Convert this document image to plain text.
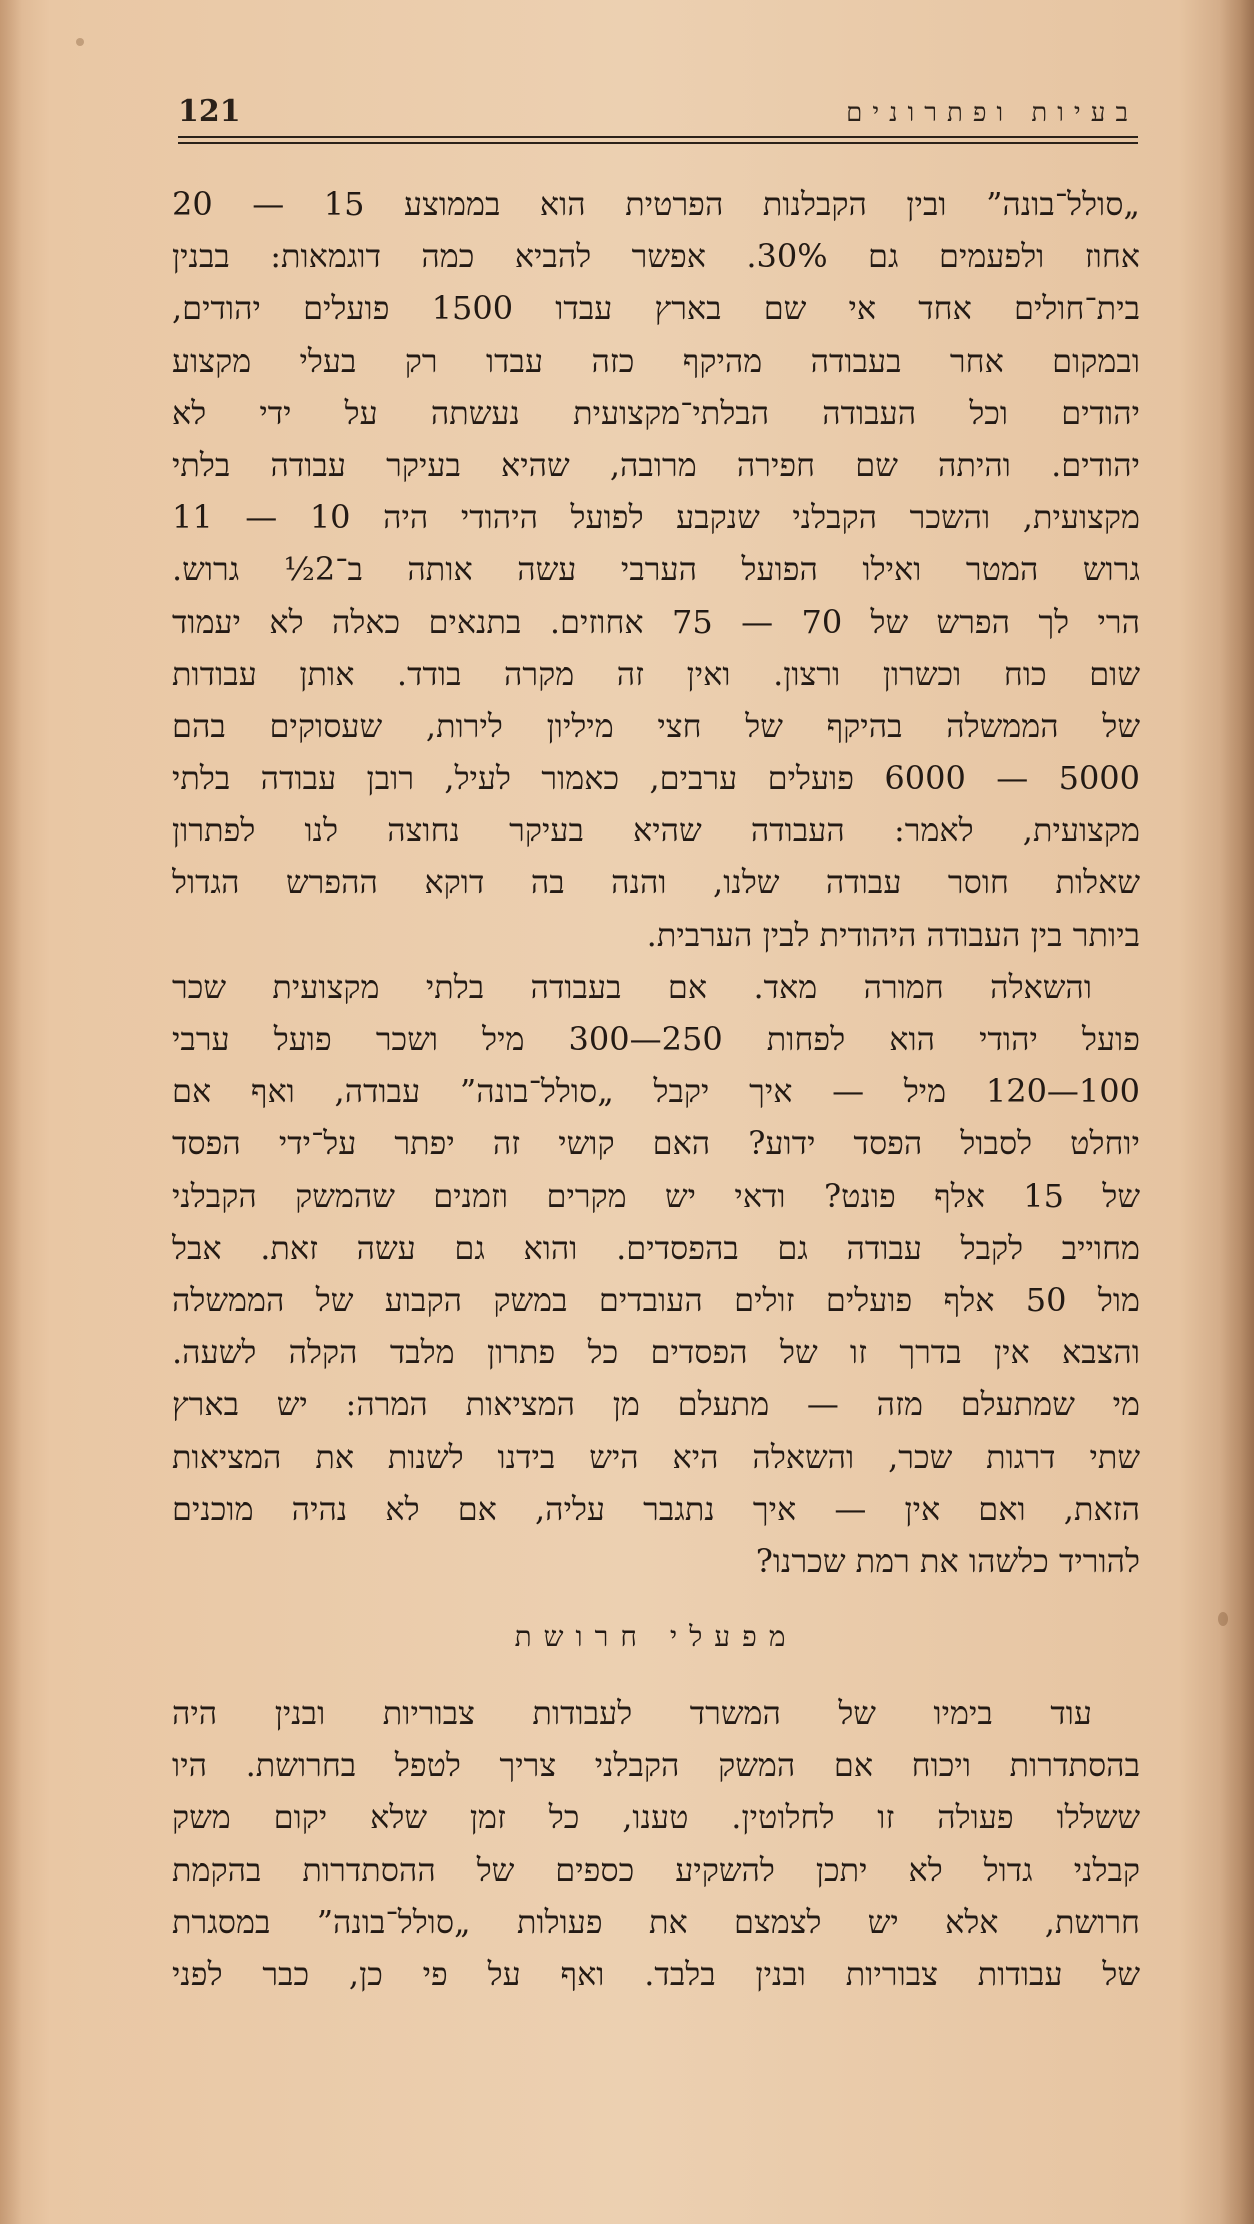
121	בעיות ופתרונים
„סולל־בונה” ובין הקבלנות הפרטית הוא בממוצע 15 — 20
אחוז ולפעמים גם 30%. אפשר להביא כמה דוגמאות: בבנין
בית־חולים אחד אי שם בארץ עבדו 1500 פועלים יהודים,
ובמקום אחר בעבודה מהיקף כזה עבדו רק בעלי מקצוע
יהודים וכל העבודה הבלתי־מקצועית נעשתה על ידי לא
יהודים. והיתה שם חפירה מרובה, שהיא בעיקר עבודה בלתי
מקצועית, והשכר הקבלני שנקבע לפועל היהודי היה 10 — 11
גרוש המטר ואילו הפועל הערבי עשה אותה ב־2½ גרוש.
הרי לך הפרש של 70 — 75 אחוזים. בתנאים כאלה לא יעמוד
שום כוח וכשרון ורצון. ואין זה מקרה בודד. אותן עבודות
של הממשלה בהיקף של חצי מיליון לירות, שעסוקים בהם
5000 — 6000 פועלים ערבים, כאמור לעיל, רובן עבודה בלתי
מקצועית, לאמר: העבודה שהיא בעיקר נחוצה לנו לפתרון
שאלות חוסר עבודה שלנו, והנה בה דוקא ההפרש הגדול
ביותר בין העבודה היהודית לבין הערבית.
והשאלה חמורה מאד. אם בעבודה בלתי מקצועית שכר
פועל יהודי הוא לפחות 250—300 מיל ושכר פועל ערבי
100—120 מיל — איך יקבל „סולל־בונה” עבודה, ואף אם
יוחלט לסבול הפסד ידוע? האם קושי זה יפתר על־ידי הפסד
של 15 אלף פונט? ודאי יש מקרים וזמנים שהמשק הקבלני
מחוייב לקבל עבודה גם בהפסדים. והוא גם עשה זאת. אבל
מול 50 אלף פועלים זולים העובדים במשק הקבוע של הממשלה
והצבא אין בדרך זו של הפסדים כל פתרון מלבד הקלה לשעה.
מי שמתעלם מזה — מתעלם מן המציאות המרה: יש בארץ
שתי דרגות שכר, והשאלה היא היש בידנו לשנות את המציאות
הזאת, ואם אין — איך נתגבר עליה, אם לא נהיה מוכנים
להוריד כלשהו את רמת שכרנו?
מפעלי חרושת
עוד בימיו של המשרד לעבודות צבוריות ובנין היה
בהסתדרות ויכוח אם המשק הקבלני צריך לטפל בחרושת. היו
ששללו פעולה זו לחלוטין. טענו, כל זמן שלא יקום משק
קבלני גדול לא יתכן להשקיע כספים של ההסתדרות בהקמת
חרושת, אלא יש לצמצם את פעולות „סולל־בונה” במסגרת
של עבודות צבוריות ובנין בלבד. ואף על פי כן, כבר לפני
